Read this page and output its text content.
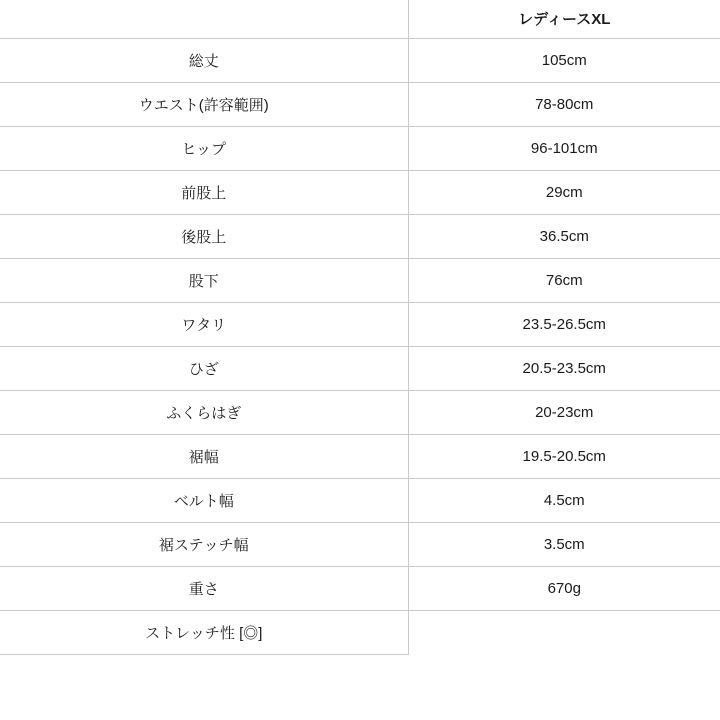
	レディースXL
総丈	105cm
ウエスト(許容範囲)	78-80cm
ヒップ	96-101cm
前股上	29cm
後股上	36.5cm
股下	76cm
ワタリ	23.5-26.5cm
ひざ	20.5-23.5cm
ふくらはぎ	20-23cm
裾幅	19.5-20.5cm
ベルト幅	4.5cm
裾ステッチ幅	3.5cm
重さ	670g
ストレッチ性 [◎]	
